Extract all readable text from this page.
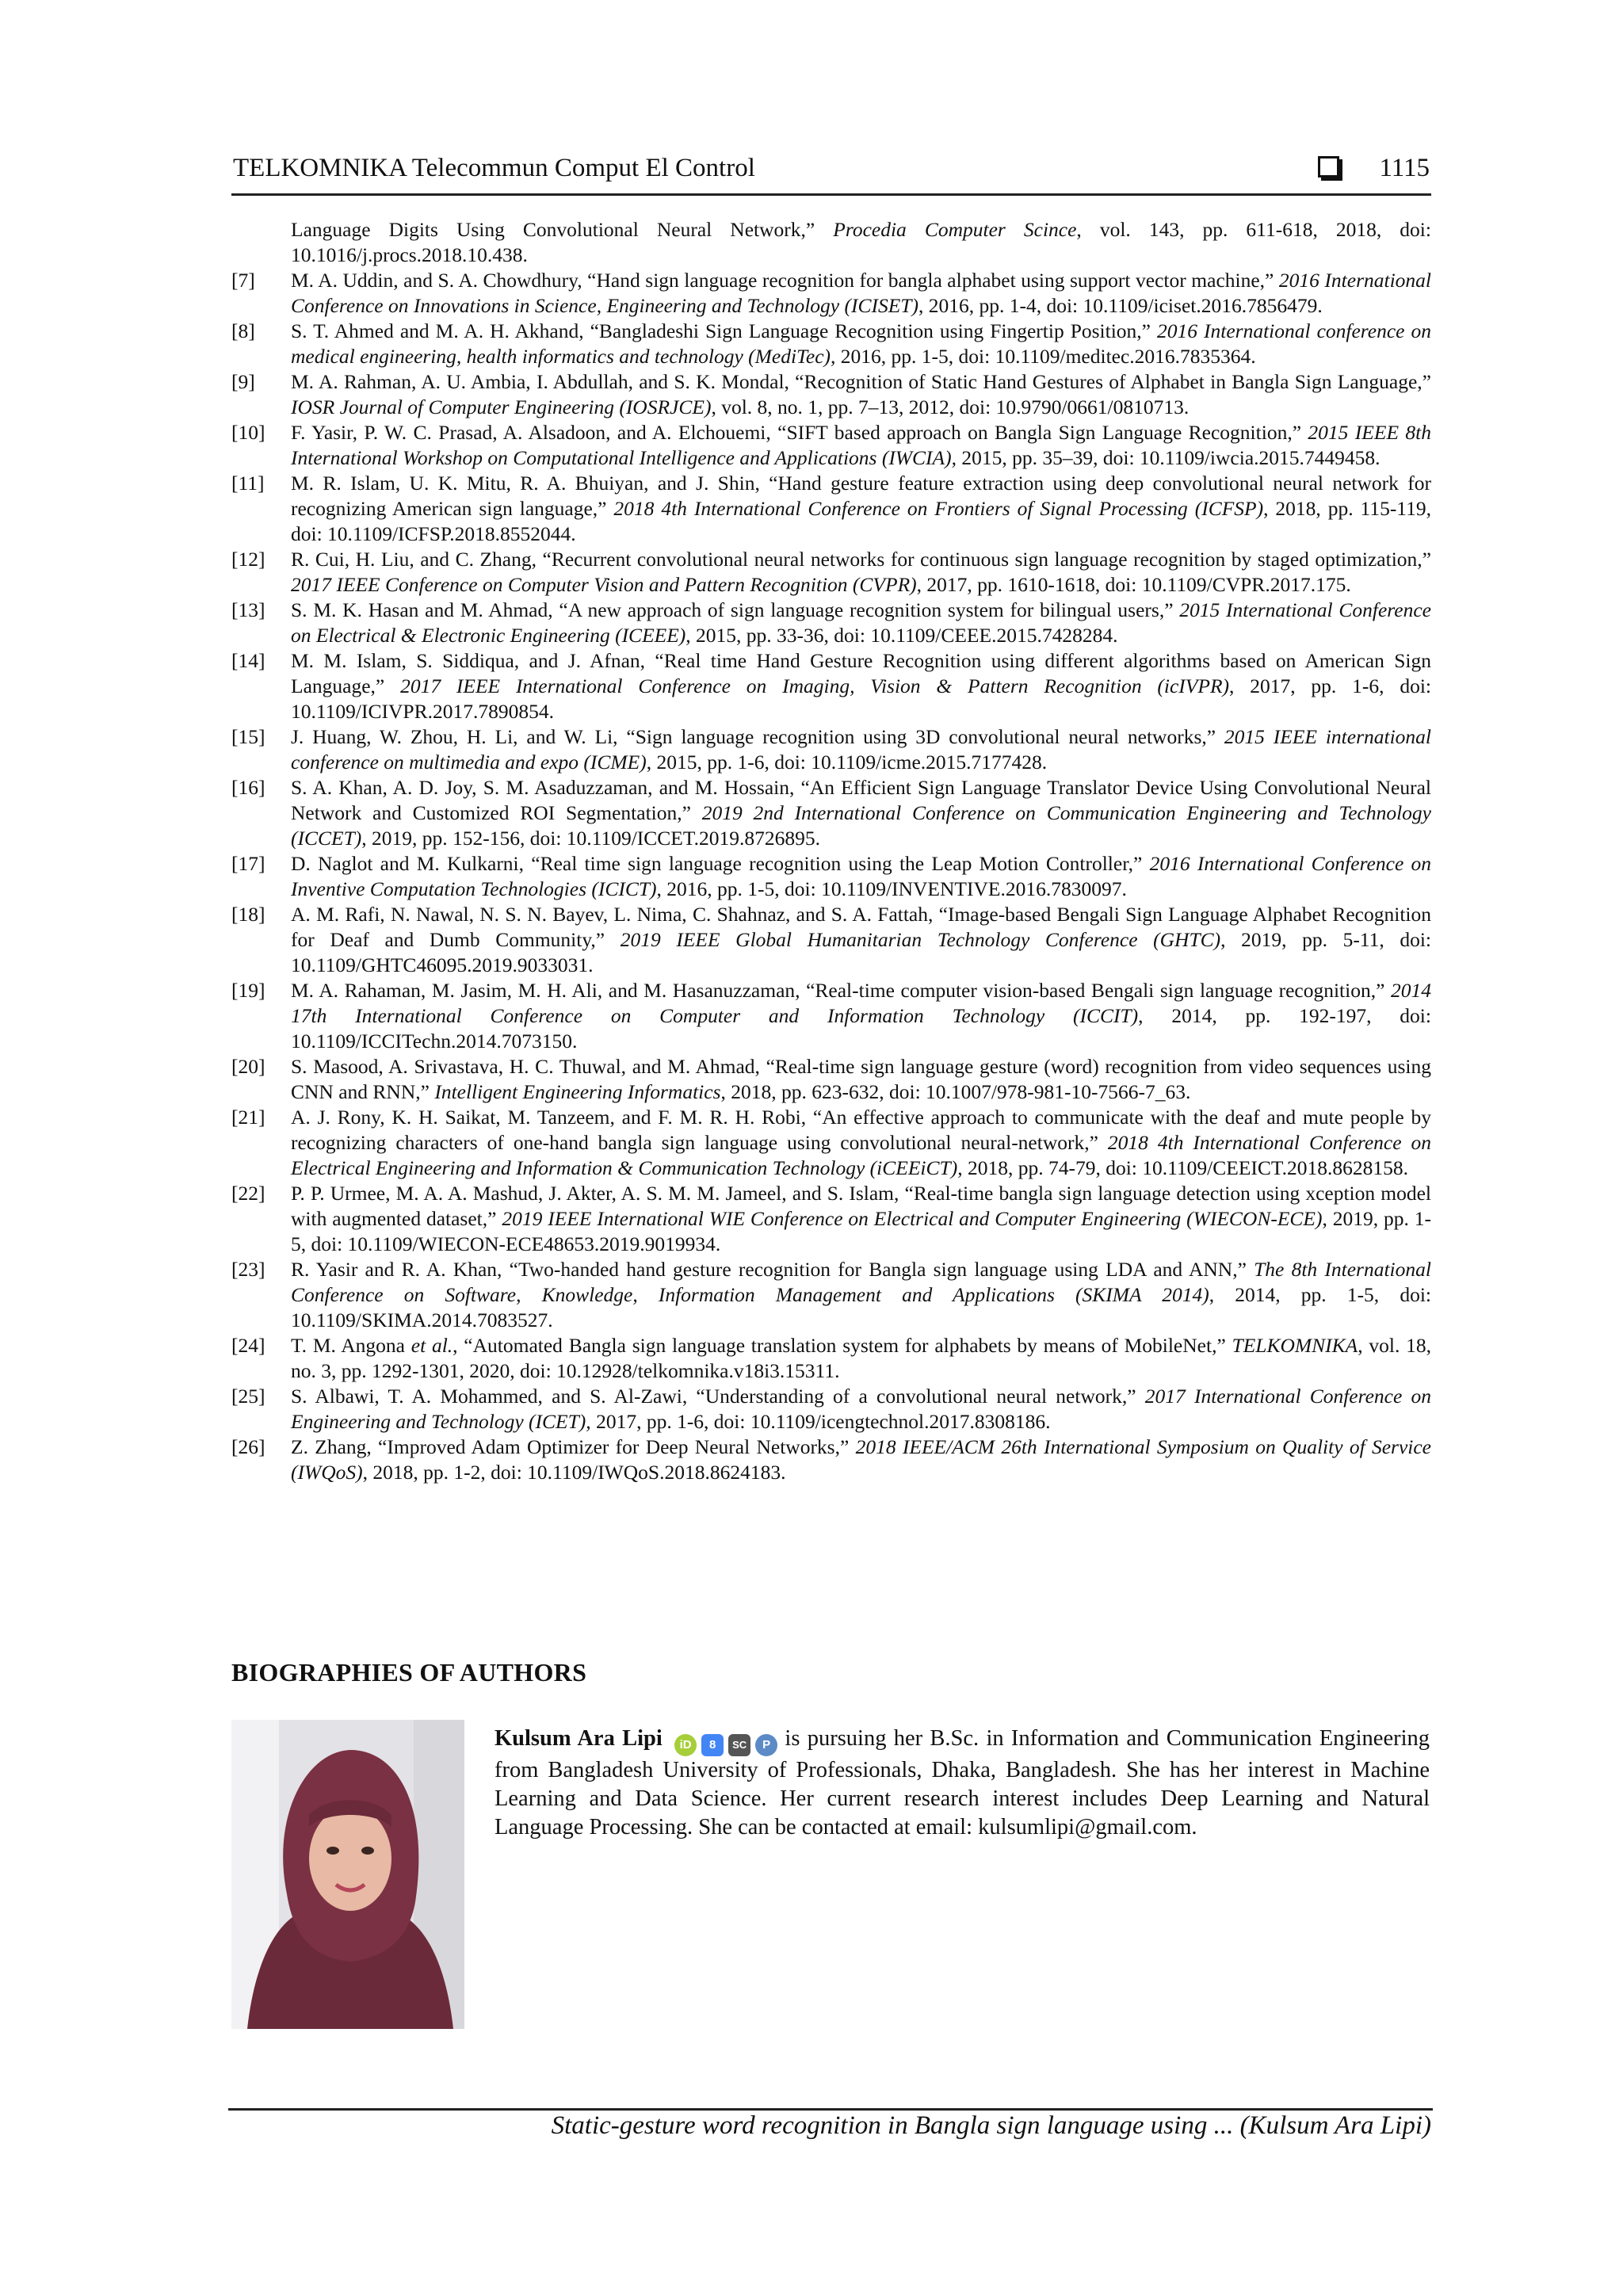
TELKOMNIKA Telecommun Comput El Control	1115
Language Digits Using Convolutional Neural Network,” Procedia Computer Scince, vol. 143, pp. 611-618, 2018, doi: 10.1016/j.procs.2018.10.438.
[7]	M. A. Uddin, and S. A. Chowdhury, “Hand sign language recognition for bangla alphabet using support vector machine,” 2016 International Conference on Innovations in Science, Engineering and Technology (ICISET), 2016, pp. 1-4, doi: 10.1109/iciset.2016.7856479.
[8]	S. T. Ahmed and M. A. H. Akhand, “Bangladeshi Sign Language Recognition using Fingertip Position,” 2016 International conference on medical engineering, health informatics and technology (MediTec), 2016, pp. 1-5, doi: 10.1109/meditec.2016.7835364.
[9]	M. A. Rahman, A. U. Ambia, I. Abdullah, and S. K. Mondal, “Recognition of Static Hand Gestures of Alphabet in Bangla Sign Language,” IOSR Journal of Computer Engineering (IOSRJCE), vol. 8, no. 1, pp. 7–13, 2012, doi: 10.9790/0661/0810713.
[10]	F. Yasir, P. W. C. Prasad, A. Alsadoon, and A. Elchouemi, “SIFT based approach on Bangla Sign Language Recognition,” 2015 IEEE 8th International Workshop on Computational Intelligence and Applications (IWCIA), 2015, pp. 35–39, doi: 10.1109/iwcia.2015.7449458.
[11]	M. R. Islam, U. K. Mitu, R. A. Bhuiyan, and J. Shin, “Hand gesture feature extraction using deep convolutional neural network for recognizing American sign language,” 2018 4th International Conference on Frontiers of Signal Processing (ICFSP), 2018, pp. 115-119, doi: 10.1109/ICFSP.2018.8552044.
[12]	R. Cui, H. Liu, and C. Zhang, “Recurrent convolutional neural networks for continuous sign language recognition by staged optimization,” 2017 IEEE Conference on Computer Vision and Pattern Recognition (CVPR), 2017, pp. 1610-1618, doi: 10.1109/CVPR.2017.175.
[13]	S. M. K. Hasan and M. Ahmad, “A new approach of sign language recognition system for bilingual users,” 2015 International Conference on Electrical & Electronic Engineering (ICEEE), 2015, pp. 33-36, doi: 10.1109/CEEE.2015.7428284.
[14]	M. M. Islam, S. Siddiqua, and J. Afnan, “Real time Hand Gesture Recognition using different algorithms based on American Sign Language,” 2017 IEEE International Conference on Imaging, Vision & Pattern Recognition (icIVPR), 2017, pp. 1-6, doi: 10.1109/ICIVPR.2017.7890854.
[15]	J. Huang, W. Zhou, H. Li, and W. Li, “Sign language recognition using 3D convolutional neural networks,” 2015 IEEE international conference on multimedia and expo (ICME), 2015, pp. 1-6, doi: 10.1109/icme.2015.7177428.
[16]	S. A. Khan, A. D. Joy, S. M. Asaduzzaman, and M. Hossain, “An Efficient Sign Language Translator Device Using Convolutional Neural Network and Customized ROI Segmentation,” 2019 2nd International Conference on Communication Engineering and Technology (ICCET), 2019, pp. 152-156, doi: 10.1109/ICCET.2019.8726895.
[17]	D. Naglot and M. Kulkarni, “Real time sign language recognition using the Leap Motion Controller,” 2016 International Conference on Inventive Computation Technologies (ICICT), 2016, pp. 1-5, doi: 10.1109/INVENTIVE.2016.7830097.
[18]	A. M. Rafi, N. Nawal, N. S. N. Bayev, L. Nima, C. Shahnaz, and S. A. Fattah, “Image-based Bengali Sign Language Alphabet Recognition for Deaf and Dumb Community,” 2019 IEEE Global Humanitarian Technology Conference (GHTC), 2019, pp. 5-11, doi: 10.1109/GHTC46095.2019.9033031.
[19]	M. A. Rahaman, M. Jasim, M. H. Ali, and M. Hasanuzzaman, “Real-time computer vision-based Bengali sign language recognition,” 2014 17th International Conference on Computer and Information Technology (ICCIT), 2014, pp. 192-197, doi: 10.1109/ICCITechn.2014.7073150.
[20]	S. Masood, A. Srivastava, H. C. Thuwal, and M. Ahmad, “Real-time sign language gesture (word) recognition from video sequences using CNN and RNN,” Intelligent Engineering Informatics, 2018, pp. 623-632, doi: 10.1007/978-981-10-7566-7_63.
[21]	A. J. Rony, K. H. Saikat, M. Tanzeem, and F. M. R. H. Robi, “An effective approach to communicate with the deaf and mute people by recognizing characters of one-hand bangla sign language using convolutional neural-network,” 2018 4th International Conference on Electrical Engineering and Information & Communication Technology (iCEEiCT), 2018, pp. 74-79, doi: 10.1109/CEEICT.2018.8628158.
[22]	P. P. Urmee, M. A. A. Mashud, J. Akter, A. S. M. M. Jameel, and S. Islam, “Real-time bangla sign language detection using xception model with augmented dataset,” 2019 IEEE International WIE Conference on Electrical and Computer Engineering (WIECON-ECE), 2019, pp. 1-5, doi: 10.1109/WIECON-ECE48653.2019.9019934.
[23]	R. Yasir and R. A. Khan, “Two-handed hand gesture recognition for Bangla sign language using LDA and ANN,” The 8th International Conference on Software, Knowledge, Information Management and Applications (SKIMA 2014), 2014, pp. 1-5, doi: 10.1109/SKIMA.2014.7083527.
[24]	T. M. Angona et al., “Automated Bangla sign language translation system for alphabets by means of MobileNet,” TELKOMNIKA, vol. 18, no. 3, pp. 1292-1301, 2020, doi: 10.12928/telkomnika.v18i3.15311.
[25]	S. Albawi, T. A. Mohammed, and S. Al-Zawi, “Understanding of a convolutional neural network,” 2017 International Conference on Engineering and Technology (ICET), 2017, pp. 1-6, doi: 10.1109/icengtechnol.2017.8308186.
[26]	Z. Zhang, “Improved Adam Optimizer for Deep Neural Networks,” 2018 IEEE/ACM 26th International Symposium on Quality of Service (IWQoS), 2018, pp. 1-2, doi: 10.1109/IWQoS.2018.8624183.
BIOGRAPHIES OF AUTHORS
Kulsum Ara Lipi iD 8 SC P is pursuing her B.Sc. in Information and Communication Engineering from Bangladesh University of Professionals, Dhaka, Bangladesh. She has her interest in Machine Learning and Data Science. Her current research interest includes Deep Learning and Natural Language Processing. She can be contacted at email: kulsumlipi@gmail.com.
Static-gesture word recognition in Bangla sign language using ... (Kulsum Ara Lipi)
